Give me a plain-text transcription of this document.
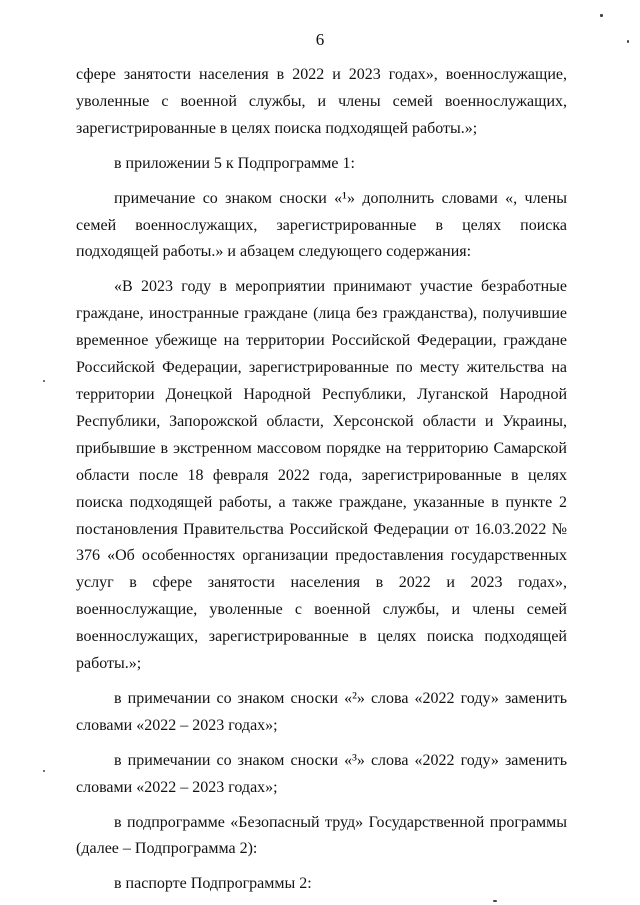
6

сфере занятости населения в 2022 и 2023 годах», военнослужащие, уволенные с военной службы, и члены семей военнослужащих, зарегистрированные в целях поиска подходящей работы.»;

в приложении 5 к Подпрограмме 1:

примечание со знаком сноски «¹» дополнить словами «, члены семей военнослужащих, зарегистрированные в целях поиска подходящей работы.» и абзацем следующего содержания:

«В 2023 году в мероприятии принимают участие безработные граждане, иностранные граждане (лица без гражданства), получившие временное убежище на территории Российской Федерации, граждане Российской Федерации, зарегистрированные по месту жительства на территории Донецкой Народной Республики, Луганской Народной Республики, Запорожской области, Херсонской области и Украины, прибывшие в экстренном массовом порядке на территорию Самарской области после 18 февраля 2022 года, зарегистрированные в целях поиска подходящей работы, а также граждане, указанные в пункте 2 постановления Правительства Российской Федерации от 16.03.2022 № 376 «Об особенностях организации предоставления государственных услуг в сфере занятости населения в 2022 и 2023 годах», военнослужащие, уволенные с военной службы, и члены семей военнослужащих, зарегистрированные в целях поиска подходящей работы.»;

в примечании со знаком сноски «²» слова «2022 году» заменить словами «2022 – 2023 годах»;

в примечании со знаком сноски «³» слова «2022 году» заменить словами «2022 – 2023 годах»;

в подпрограмме «Безопасный труд» Государственной программы (далее – Подпрограмма 2):

в паспорте Подпрограммы 2:
